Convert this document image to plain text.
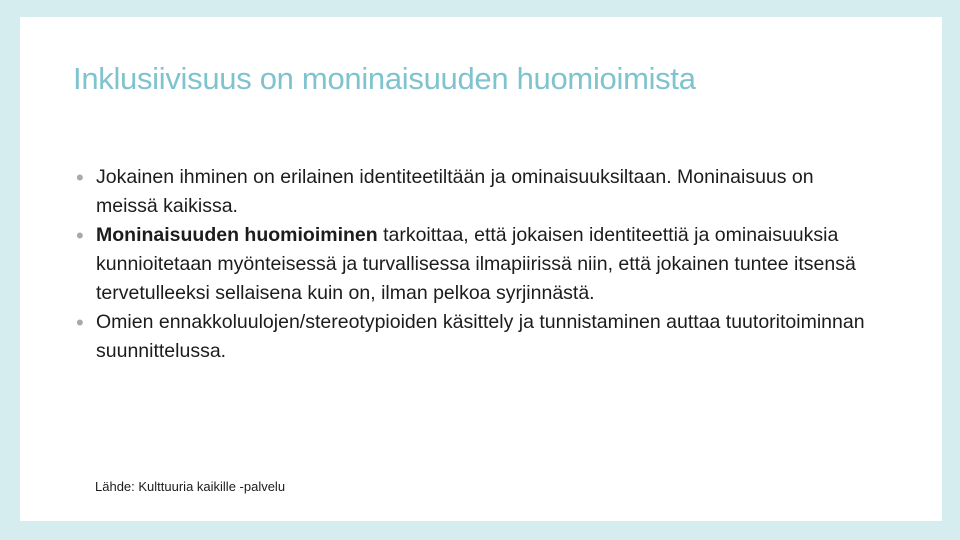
Inklusiivisuus on moninaisuuden huomioimista
• Jokainen ihminen on erilainen identiteetiltään ja ominaisuuksiltaan. Moninaisuus on meissä kaikissa.
• Moninaisuuden huomioiminen tarkoittaa, että jokaisen identiteettiä ja ominaisuuksia kunnioitetaan myönteisessä ja turvallisessa ilmapiirissä niin, että jokainen tuntee itsensä tervetulleeksi sellaisena kuin on, ilman pelkoa syrjinnästä.
• Omien ennakkoluulojen/stereotypioiden käsittely ja tunnistaminen auttaa tuutoritoiminnan suunnittelussa.

Lähde: Kulttuuria kaikille -palvelu
